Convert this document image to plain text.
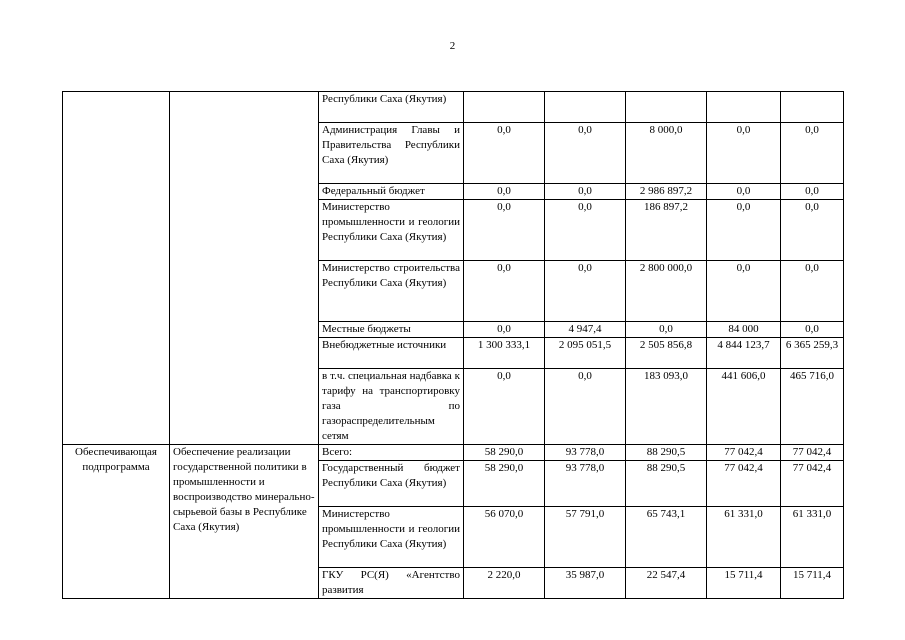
2
		Республики Саха (Якутия)					
		Администрация Главы и Правительства Республики Саха (Якутия)	0,0	0,0	8 000,0	0,0	0,0
		Федеральный бюджет	0,0	0,0	2 986 897,2	0,0	0,0
		Министерство промышленности и геологии Республики Саха (Якутия)	0,0	0,0	186 897,2	0,0	0,0
		Министерство строительства Республики Саха (Якутия)	0,0	0,0	2 800 000,0	0,0	0,0
		Местные бюджеты	0,0	4 947,4	0,0	84 000	0,0
		Внебюджетные источники	1 300 333,1	2 095 051,5	2 505 856,8	4 844 123,7	6 365 259,3
		в т.ч. специальная надбавка к тарифу на транспортировку газа по газораспределительным сетям	0,0	0,0	183 093,0	441 606,0	465 716,0
Обеспечивающая подпрограмма	Обеспечение реализации государственной политики в промышленности и воспроизводство минерально-сырьевой базы в Республике Саха (Якутия)	Всего:	58 290,0	93 778,0	88 290,5	77 042,4	77 042,4
		Государственный бюджет Республики Саха (Якутия)	58 290,0	93 778,0	88 290,5	77 042,4	77 042,4
		Министерство промышленности и геологии Республики Саха (Якутия)	56 070,0	57 791,0	65 743,1	61 331,0	61 331,0
		ГКУ РС(Я) «Агентство развития	2 220,0	35 987,0	22 547,4	15 711,4	15 711,4
